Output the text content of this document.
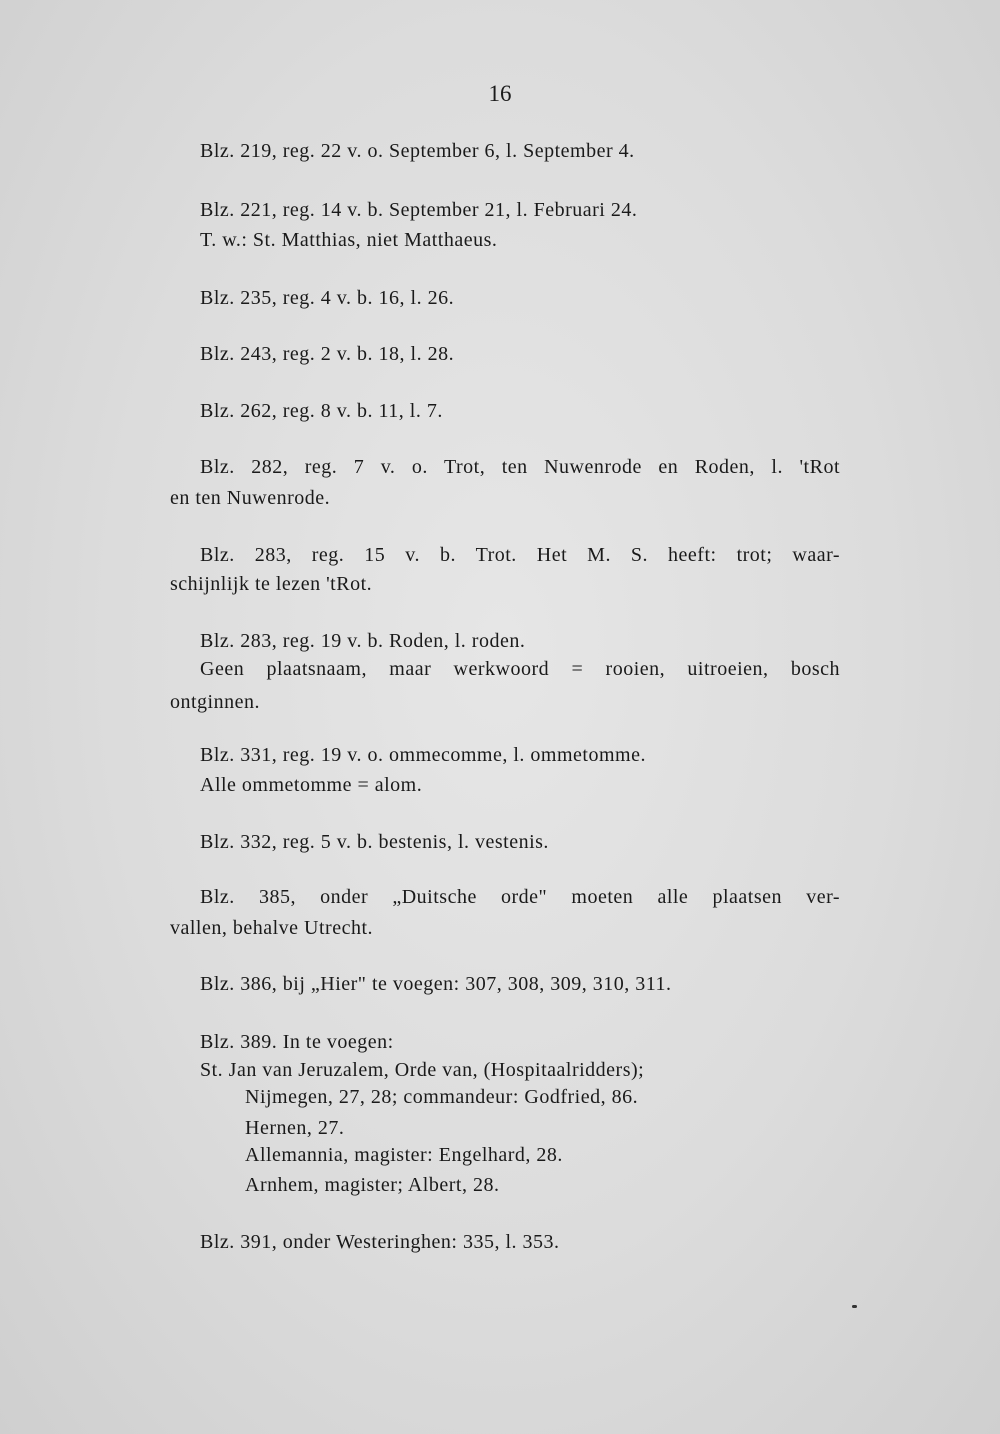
16
Blz. 219, reg. 22 v. o. September 6, l. September 4.
Blz. 221, reg. 14 v. b. September 21, l. Februari 24.
T. w.: St. Matthias, niet Matthaeus.
Blz. 235, reg. 4 v. b. 16, l. 26.
Blz. 243, reg. 2 v. b. 18, l. 28.
Blz. 262, reg. 8 v. b. 11, l. 7.
Blz. 282, reg. 7 v. o. Trot, ten Nuwenrode en Roden, l. 'tRot
en ten Nuwenrode.
Blz. 283, reg. 15 v. b. Trot. Het M. S. heeft: trot; waar-
schijnlijk te lezen 'tRot.
Blz. 283, reg. 19 v. b. Roden, l. roden.
Geen plaatsnaam, maar werkwoord = rooien, uitroeien, bosch
ontginnen.
Blz. 331, reg. 19 v. o. ommecomme, l. ommetomme.
Alle ommetomme = alom.
Blz. 332, reg. 5 v. b. bestenis, l. vestenis.
Blz. 385, onder „Duitsche orde" moeten alle plaatsen ver-
vallen, behalve Utrecht.
Blz. 386, bij „Hier" te voegen: 307, 308, 309, 310, 311.
Blz. 389. In te voegen:
St. Jan van Jeruzalem, Orde van, (Hospitaalridders);
Nijmegen, 27, 28; commandeur: Godfried, 86.
Hernen, 27.
Allemannia, magister: Engelhard, 28.
Arnhem, magister; Albert, 28.
Blz. 391, onder Westeringhen: 335, l. 353.
